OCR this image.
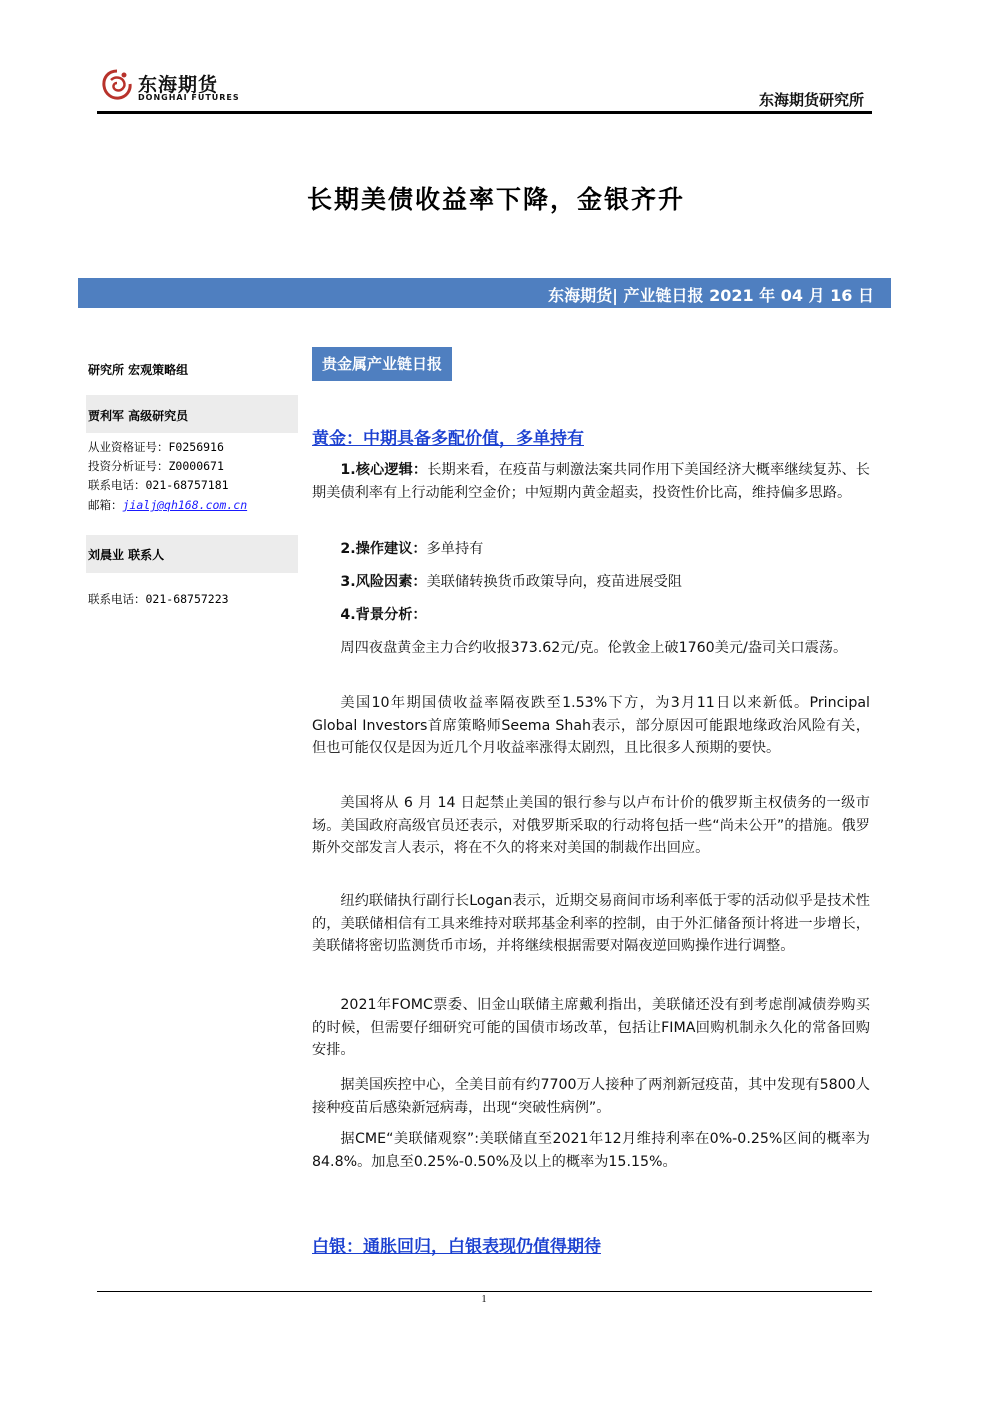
东海期货
DONGHAI FUTURES	东海期货研究所
长期美债收益率下降，金银齐升
东海期货| 产业链日报 2021 年 04 月 16 日
研究所 宏观策略组
贾利军 高级研究员
从业资格证号：F0256916
投资分析证号：Z0000671
联系电话：021-68757181
邮箱：jialj@qh168.com.cn
刘晨业 联系人
联系电话：021-68757223
贵金属产业链日报
黄金：中期具备多配价值，多单持有
1.核心逻辑：长期来看，在疫苗与刺激法案共同作用下美国经济大概率继续复苏、长期美债利率有上行动能利空金价；中短期内黄金超卖，投资性价比高，维持偏多思路。
2.操作建议：多单持有
3.风险因素：美联储转换货币政策导向，疫苗进展受阻
4.背景分析：
周四夜盘黄金主力合约收报373.62元/克。伦敦金上破1760美元/盎司关口震荡。
美国10年期国债收益率隔夜跌至1.53%下方，为3月11日以来新低。Principal Global Investors首席策略师Seema Shah表示，部分原因可能跟地缘政治风险有关，但也可能仅仅是因为近几个月收益率涨得太剧烈，且比很多人预期的要快。
美国将从 6 月 14 日起禁止美国的银行参与以卢布计价的俄罗斯主权债务的一级市场。美国政府高级官员还表示，对俄罗斯采取的行动将包括一些“尚未公开”的措施。俄罗斯外交部发言人表示，将在不久的将来对美国的制裁作出回应。
纽约联储执行副行长Logan表示，近期交易商间市场利率低于零的活动似乎是技术性的，美联储相信有工具来维持对联邦基金利率的控制，由于外汇储备预计将进一步增长，美联储将密切监测货币市场，并将继续根据需要对隔夜逆回购操作进行调整。
2021年FOMC票委、旧金山联储主席戴利指出，美联储还没有到考虑削减债券购买的时候，但需要仔细研究可能的国债市场改革，包括让FIMA回购机制永久化的常备回购安排。
据美国疾控中心，全美目前有约7700万人接种了两剂新冠疫苗，其中发现有5800人接种疫苗后感染新冠病毒，出现“突破性病例”。
据CME“美联储观察”:美联储直至2021年12月维持利率在0%-0.25%区间的概率为84.8%。加息至0.25%-0.50%及以上的概率为15.15%。
白银：通胀回归，白银表现仍值得期待
1
